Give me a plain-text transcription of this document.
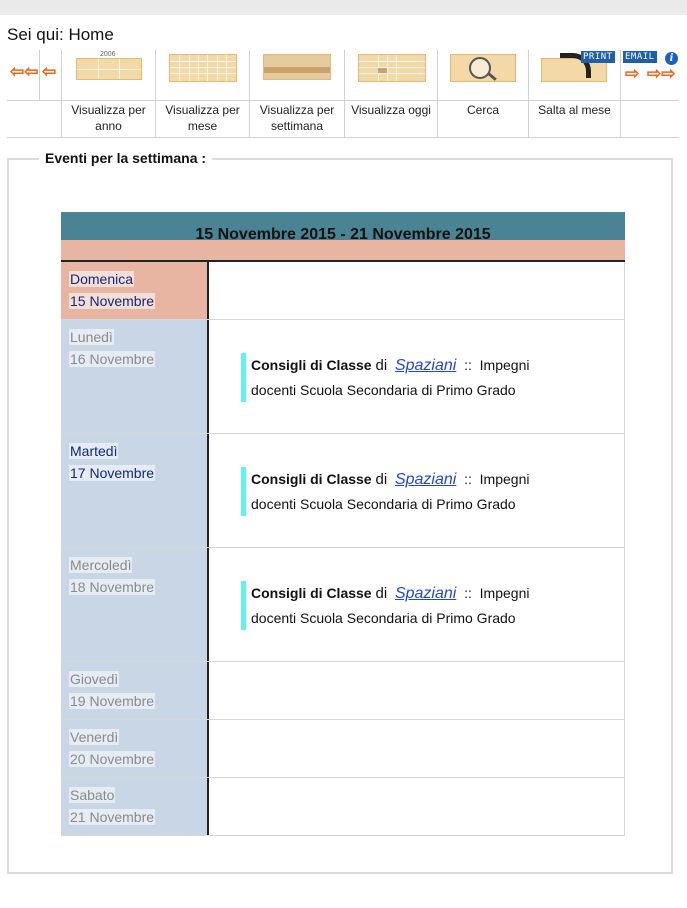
Sei qui: Home
⇦⇦ ⇦
2006	PRINT EMAIL	i
⇨ ⇨⇨
Visualizza per anno
Visualizza per mese
Visualizza per settimana
Visualizza oggi	Cerca	Salta al mese
Eventi per la settimana :
15 Novembre 2015 - 21 Novembre 2015
Domenica
15 Novembre
Lunedì
16 Novembre	Consigli di Classe di Spaziani :: Impegni docenti Scuola Secondaria di Primo Grado
Martedì
17 Novembre	Consigli di Classe di Spaziani :: Impegni docenti Scuola Secondaria di Primo Grado
Mercoledì
18 Novembre	Consigli di Classe di Spaziani :: Impegni docenti Scuola Secondaria di Primo Grado
Giovedì
19 Novembre
Venerdì
20 Novembre
Sabato
21 Novembre
